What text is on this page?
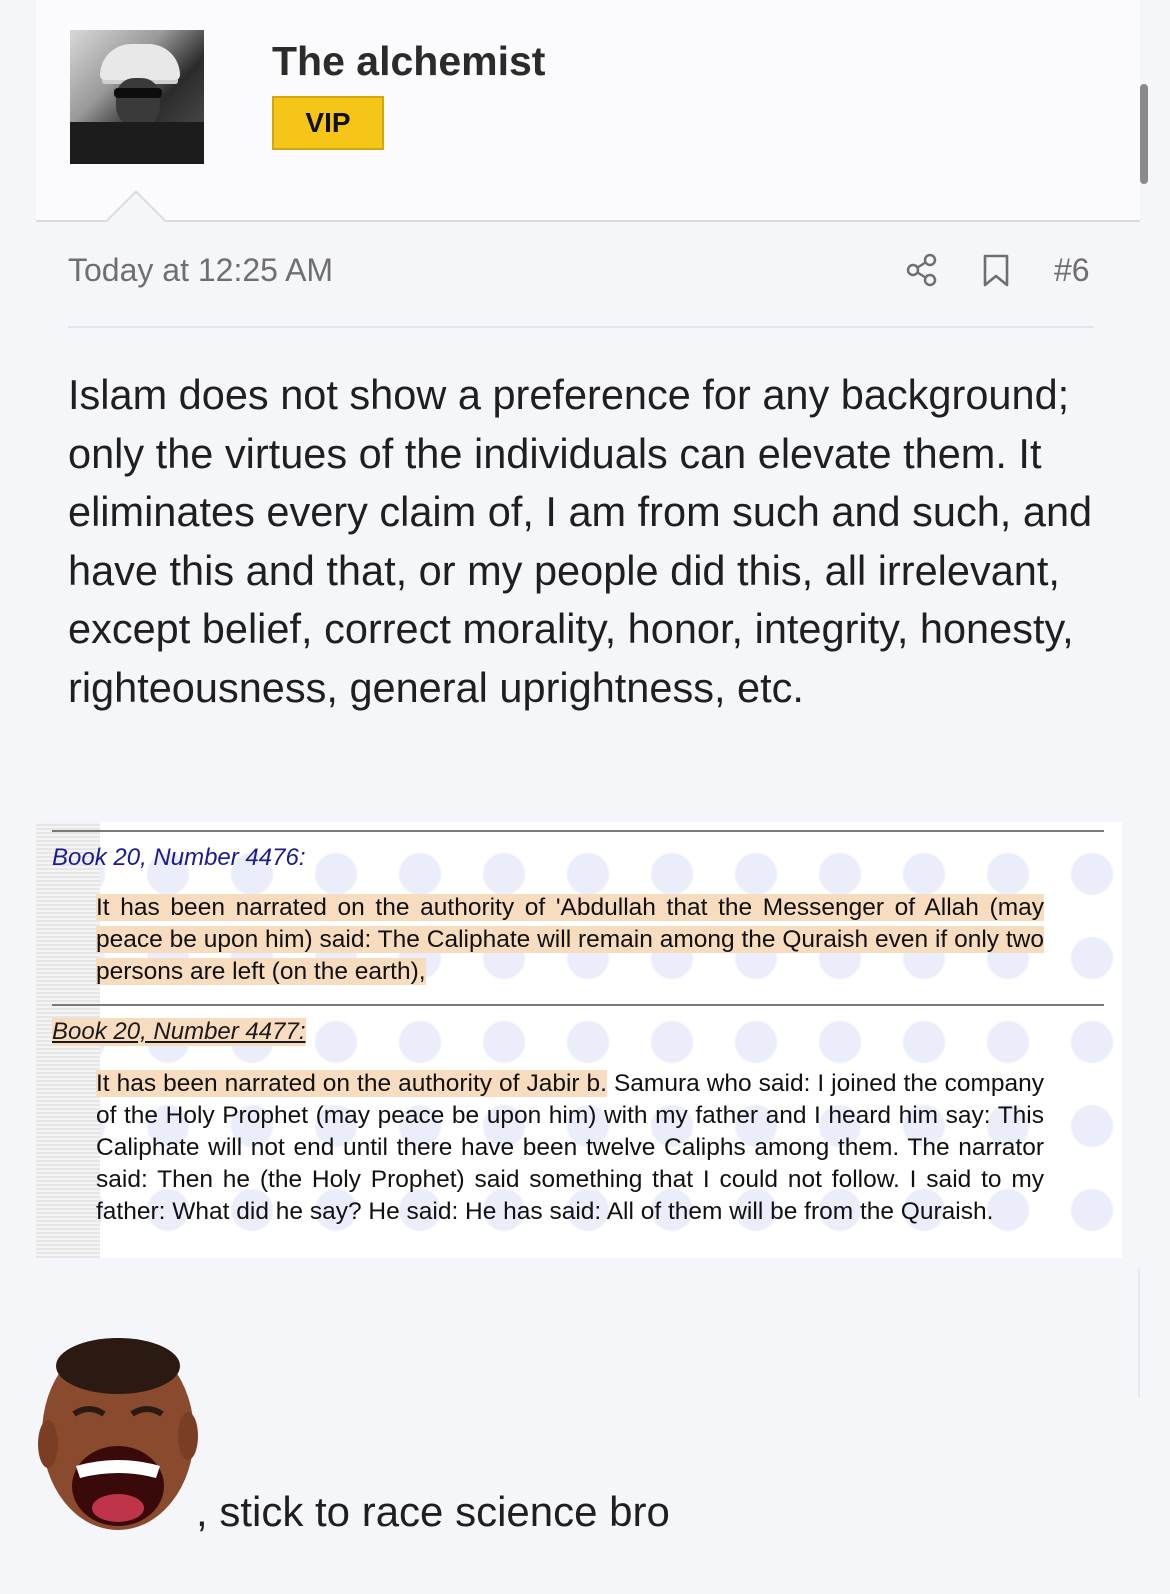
The alchemist
VIP
Today at 12:25 AM	#6
Islam does not show a preference for any background; only the virtues of the individuals can elevate them. It eliminates every claim of, I am from such and such, and have this and that, or my people did this, all irrelevant, except belief, correct morality, honor, integrity, honesty, righteousness, general uprightness, etc.
Book 20, Number 4476:
It has been narrated on the authority of 'Abdullah that the Messenger of Allah (may peace be upon him) said: The Caliphate will remain among the Quraish even if only two persons are left (on the earth),
Book 20, Number 4477:
It has been narrated on the authority of Jabir b. Samura who said: I joined the company of the Holy Prophet (may peace be upon him) with my father and I heard him say: This Caliphate will not end until there have been twelve Caliphs among them. The narrator said: Then he (the Holy Prophet) said something that I could not follow. I said to my father: What did he say? He said: He has said: All of them will be from the Quraish.
, stick to race science bro
